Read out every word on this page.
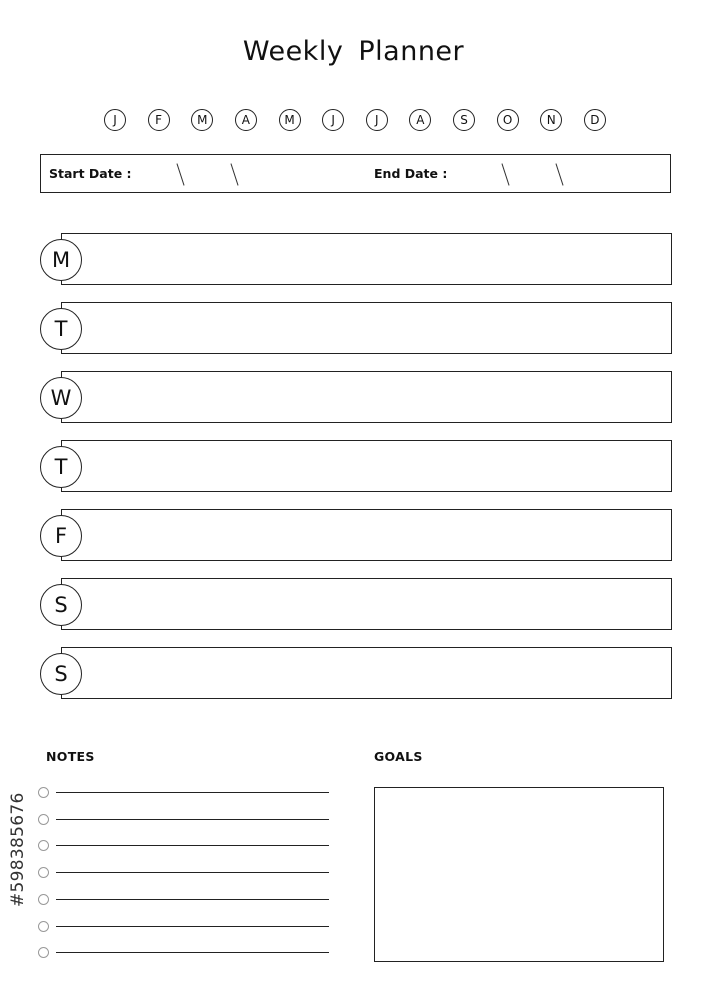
Weekly Planner
J	F	M	A	M	J	J	A	S	O	N	D
Start Date :	End Date :
M
T
W
T
F
S
S
NOTES	GOALS
#598385676
